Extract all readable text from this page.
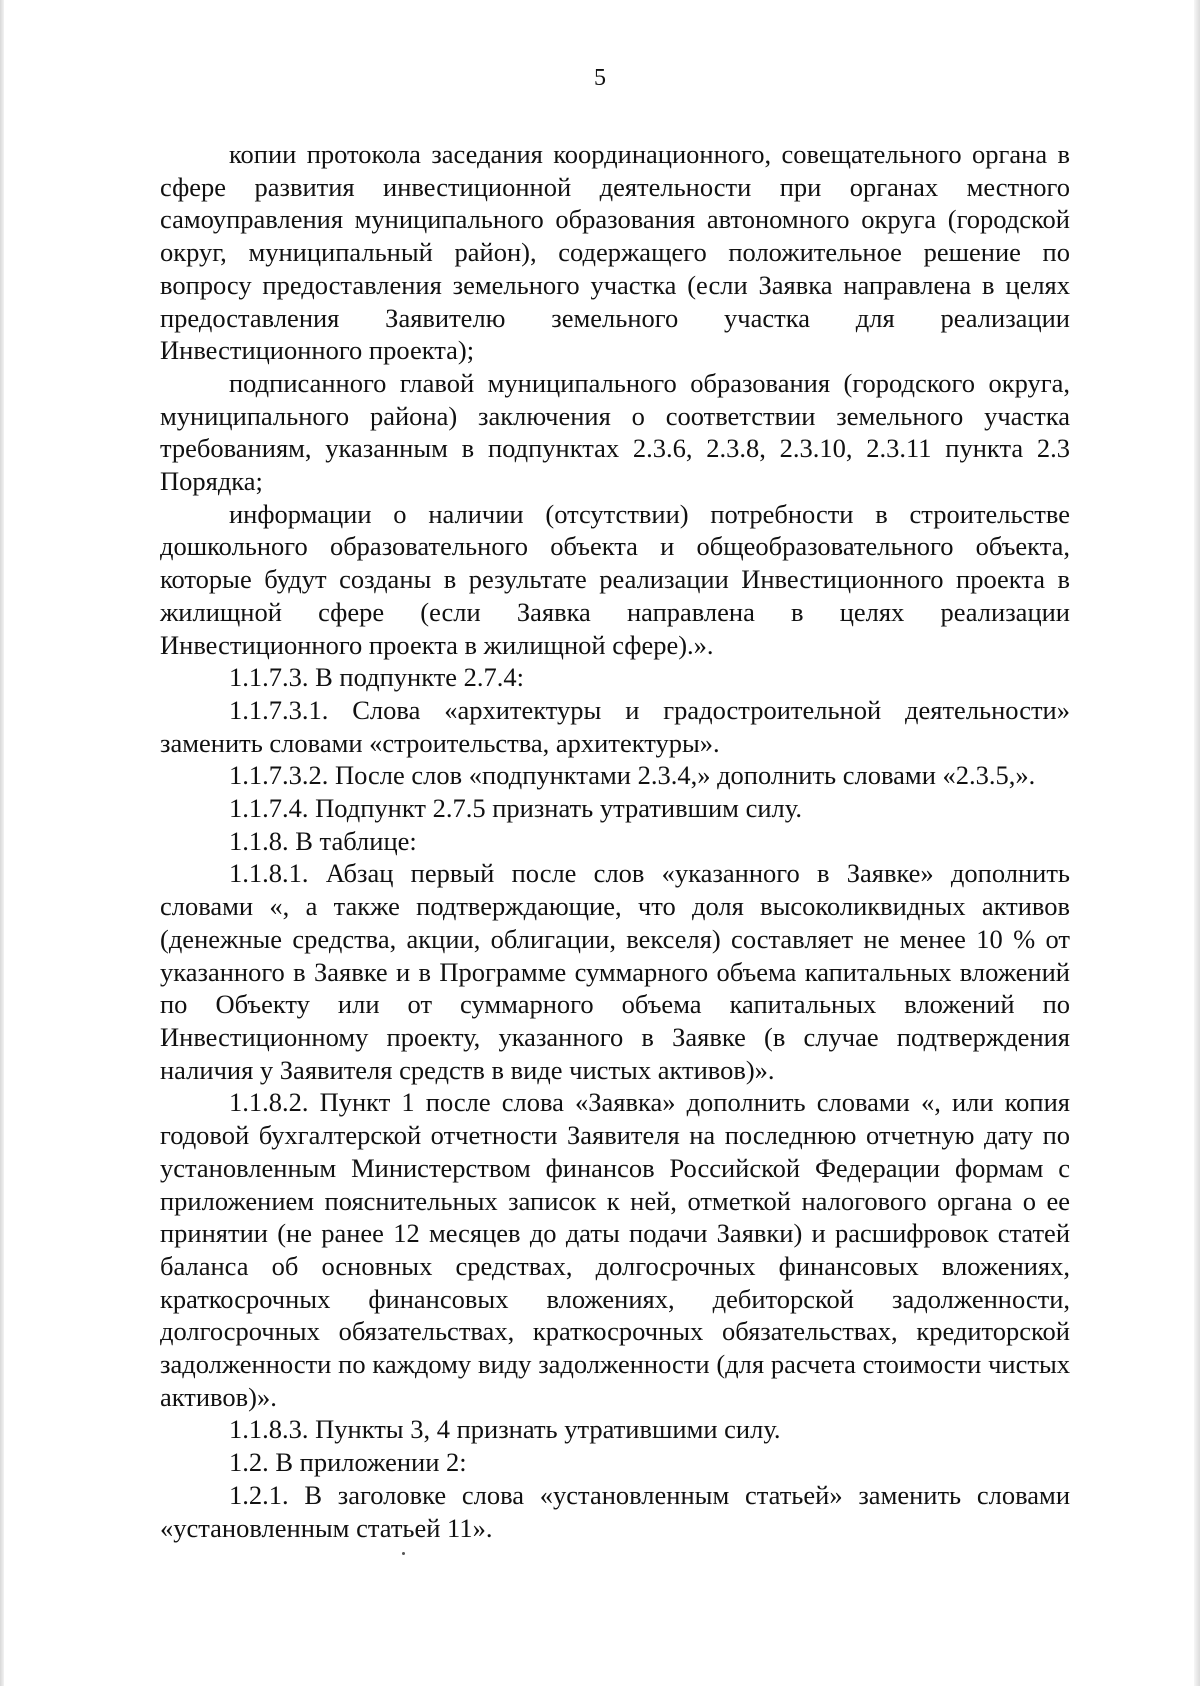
5

копии протокола заседания координационного, совещательного органа в сфере развития инвестиционной деятельности при органах местного самоуправления муниципального образования автономного округа (городской округ, муниципальный район), содержащего положительное решение по вопросу предоставления земельного участка (если Заявка направлена в целях предоставления Заявителю земельного участка для реализации Инвестиционного проекта);

подписанного главой муниципального образования (городского округа, муниципального района) заключения о соответствии земельного участка требованиям, указанным в подпунктах 2.3.6, 2.3.8, 2.3.10, 2.3.11 пункта 2.3 Порядка;

информации о наличии (отсутствии) потребности в строительстве дошкольного образовательного объекта и общеобразовательного объекта, которые будут созданы в результате реализации Инвестиционного проекта в жилищной сфере (если Заявка направлена в целях реализации Инвестиционного проекта в жилищной сфере).».

1.1.7.3. В подпункте 2.7.4:

1.1.7.3.1. Слова «архитектуры и градостроительной деятельности» заменить словами «строительства, архитектуры».

1.1.7.3.2. После слов «подпунктами 2.3.4,» дополнить словами «2.3.5,».

1.1.7.4. Подпункт 2.7.5 признать утратившим силу.

1.1.8. В таблице:

1.1.8.1. Абзац первый после слов «указанного в Заявке» дополнить словами «, а также подтверждающие, что доля высоколиквидных активов (денежные средства, акции, облигации, векселя) составляет не менее 10 % от указанного в Заявке и в Программе суммарного объема капитальных вложений по Объекту или от суммарного объема капитальных вложений по Инвестиционному проекту, указанного в Заявке (в случае подтверждения наличия у Заявителя средств в виде чистых активов)».

1.1.8.2. Пункт 1 после слова «Заявка» дополнить словами «, или копия годовой бухгалтерской отчетности Заявителя на последнюю отчетную дату по установленным Министерством финансов Российской Федерации формам с приложением пояснительных записок к ней, отметкой налогового органа о ее принятии (не ранее 12 месяцев до даты подачи Заявки) и расшифровок статей баланса об основных средствах, долгосрочных финансовых вложениях, краткосрочных финансовых вложениях, дебиторской задолженности, долгосрочных обязательствах, краткосрочных обязательствах, кредиторской задолженности по каждому виду задолженности (для расчета стоимости чистых активов)».

1.1.8.3. Пункты 3, 4 признать утратившими силу.

1.2. В приложении 2:

1.2.1. В заголовке слова «установленным статьей» заменить словами «установленным статьей 11».
